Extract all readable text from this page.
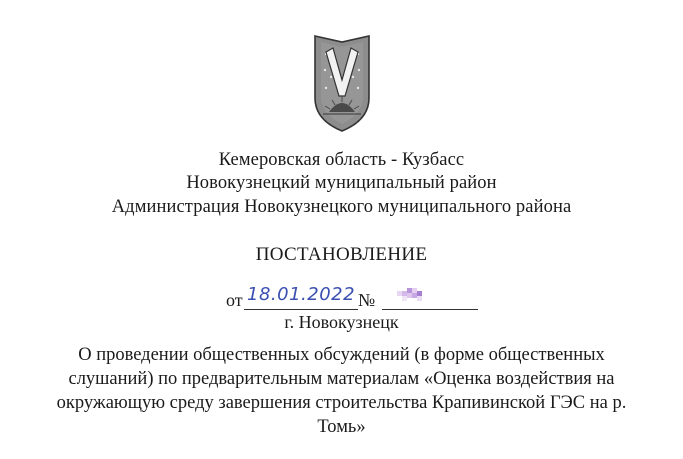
Кемеровская область - Кузбасс
Новокузнецкий муниципальный район
Администрация Новокузнецкого муниципального района
ПОСТАНОВЛЕНИЕ
от 18.01.2022 №
г. Новокузнецк
О проведении общественных обсуждений (в форме общественных слушаний) по предварительным материалам «Оценка воздействия на окружающую среду завершения строительства Крапивинской ГЭС на р. Томь»
